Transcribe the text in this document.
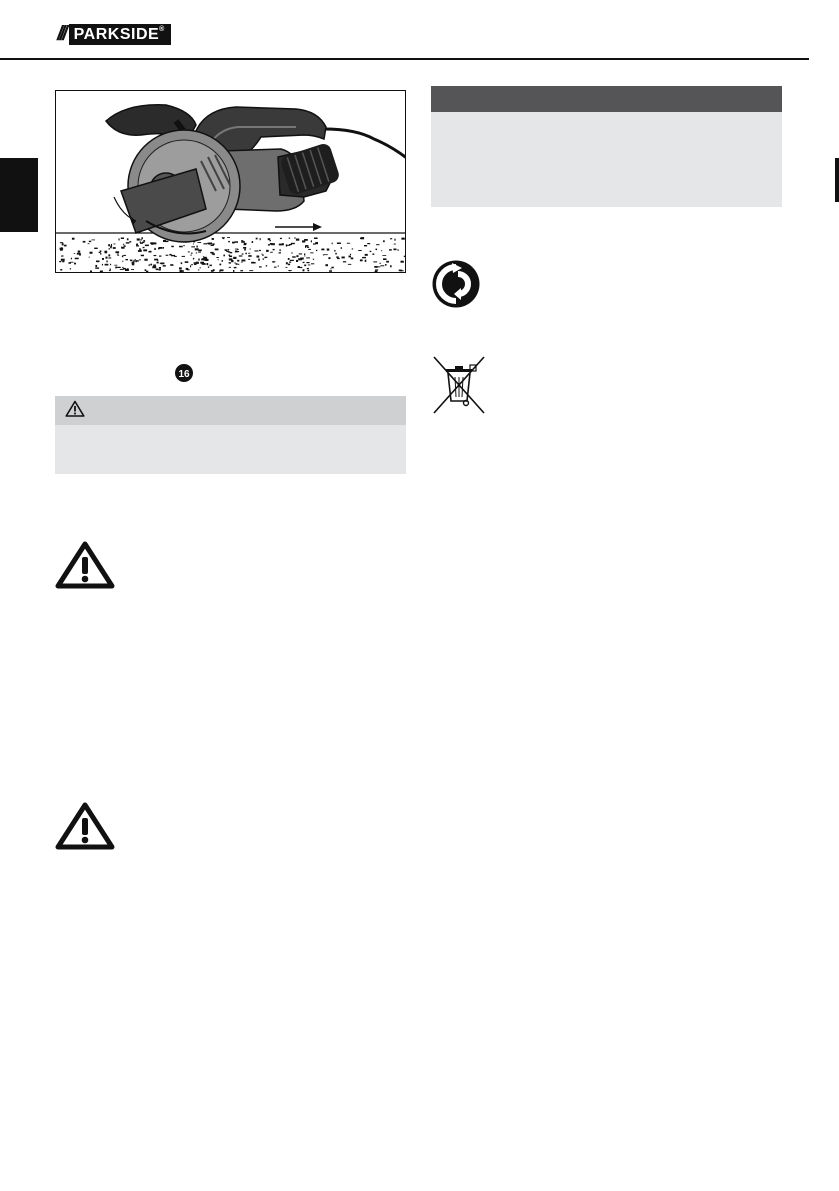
/// PARKSIDE®
16
